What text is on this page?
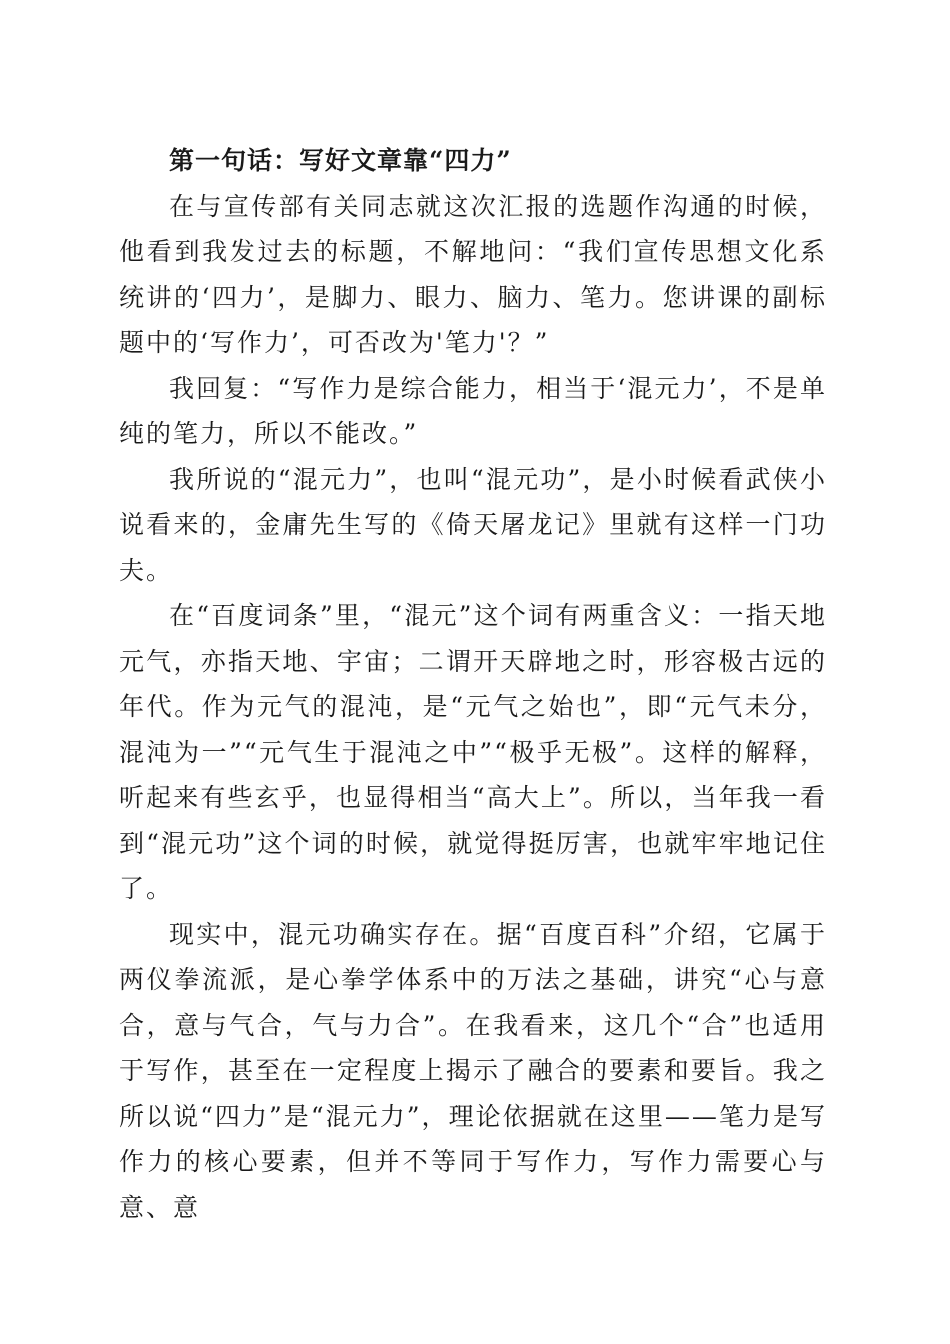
第一句话：写好文章靠“四力”

在与宣传部有关同志就这次汇报的选题作沟通的时候，他看到我发过去的标题，不解地问：“我们宣传思想文化系统讲的‘四力’，是脚力、眼力、脑力、笔力。您讲课的副标题中的‘写作力’，可否改为'笔力'？”

我回复：“写作力是综合能力，相当于‘混元力’，不是单纯的笔力，所以不能改。”

我所说的“混元力”，也叫“混元功”，是小时候看武侠小说看来的，金庸先生写的《倚天屠龙记》里就有这样一门功夫。

在“百度词条”里，“混元”这个词有两重含义：一指天地元气，亦指天地、宇宙；二谓开天辟地之时，形容极古远的年代。作为元气的混沌，是“元气之始也”，即“元气未分，混沌为一”“元气生于混沌之中”“极乎无极”。这样的解释，听起来有些玄乎，也显得相当“高大上”。所以，当年我一看到“混元功”这个词的时候，就觉得挺厉害，也就牢牢地记住了。

现实中，混元功确实存在。据“百度百科”介绍，它属于两仪拳流派，是心拳学体系中的万法之基础，讲究“心与意合，意与气合，气与力合”。在我看来，这几个“合”也适用于写作，甚至在一定程度上揭示了融合的要素和要旨。我之所以说“四力”是“混元力”，理论依据就在这里——笔力是写作力的核心要素，但并不等同于写作力，写作力需要心与意、意
